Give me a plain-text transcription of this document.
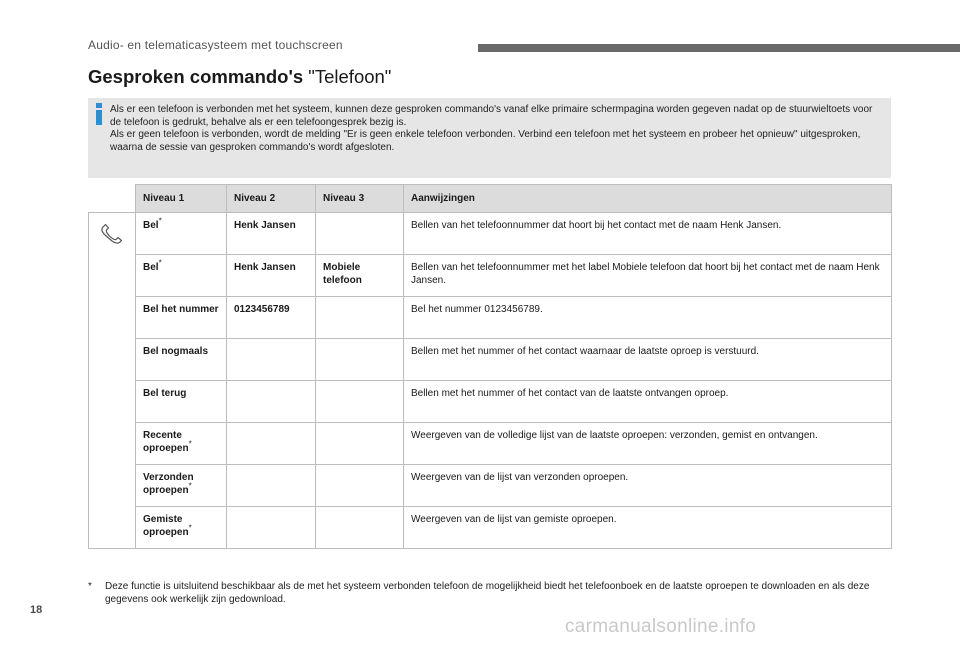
Audio- en telematicasysteem met touchscreen
Gesproken commando's "Telefoon"

Als er een telefoon is verbonden met het systeem, kunnen deze gesproken commando's vanaf elke primaire schermpagina worden gegeven nadat op de stuurwieltoets voor de telefoon is gedrukt, behalve als er een telefoongesprek bezig is.

Als er geen telefoon is verbonden, wordt de melding "Er is geen enkele telefoon verbonden. Verbind een telefoon met het systeem en probeer het opnieuw" uitgesproken, waarna de sessie van gesproken commando's wordt afgesloten.

	Niveau 1	Niveau 2	Niveau 3	Aanwijzingen
	Bel*	Henk Jansen		Bellen van het telefoonnummer dat hoort bij het contact met de naam Henk Jansen.
	Bel*	Henk Jansen	Mobiele telefoon	Bellen van het telefoonnummer met het label Mobiele telefoon dat hoort bij het contact met de naam Henk Jansen.
	Bel het nummer	0123456789		Bel het nummer 0123456789.
	Bel nogmaals			Bellen met het nummer of het contact waarnaar de laatste oproep is verstuurd.
	Bel terug			Bellen met het nummer of het contact van de laatste ontvangen oproep.
	Recente oproepen*			Weergeven van de volledige lijst van de laatste oproepen: verzonden, gemist en ontvangen.
	Verzonden oproepen*			Weergeven van de lijst van verzonden oproepen.
	Gemiste oproepen*			Weergeven van de lijst van gemiste oproepen.
* Deze functie is uitsluitend beschikbaar als de met het systeem verbonden telefoon de mogelijkheid biedt het telefoonboek en de laatste oproepen te downloaden en als deze gegevens ook werkelijk zijn gedownload.
18
carmanualsonline.info
